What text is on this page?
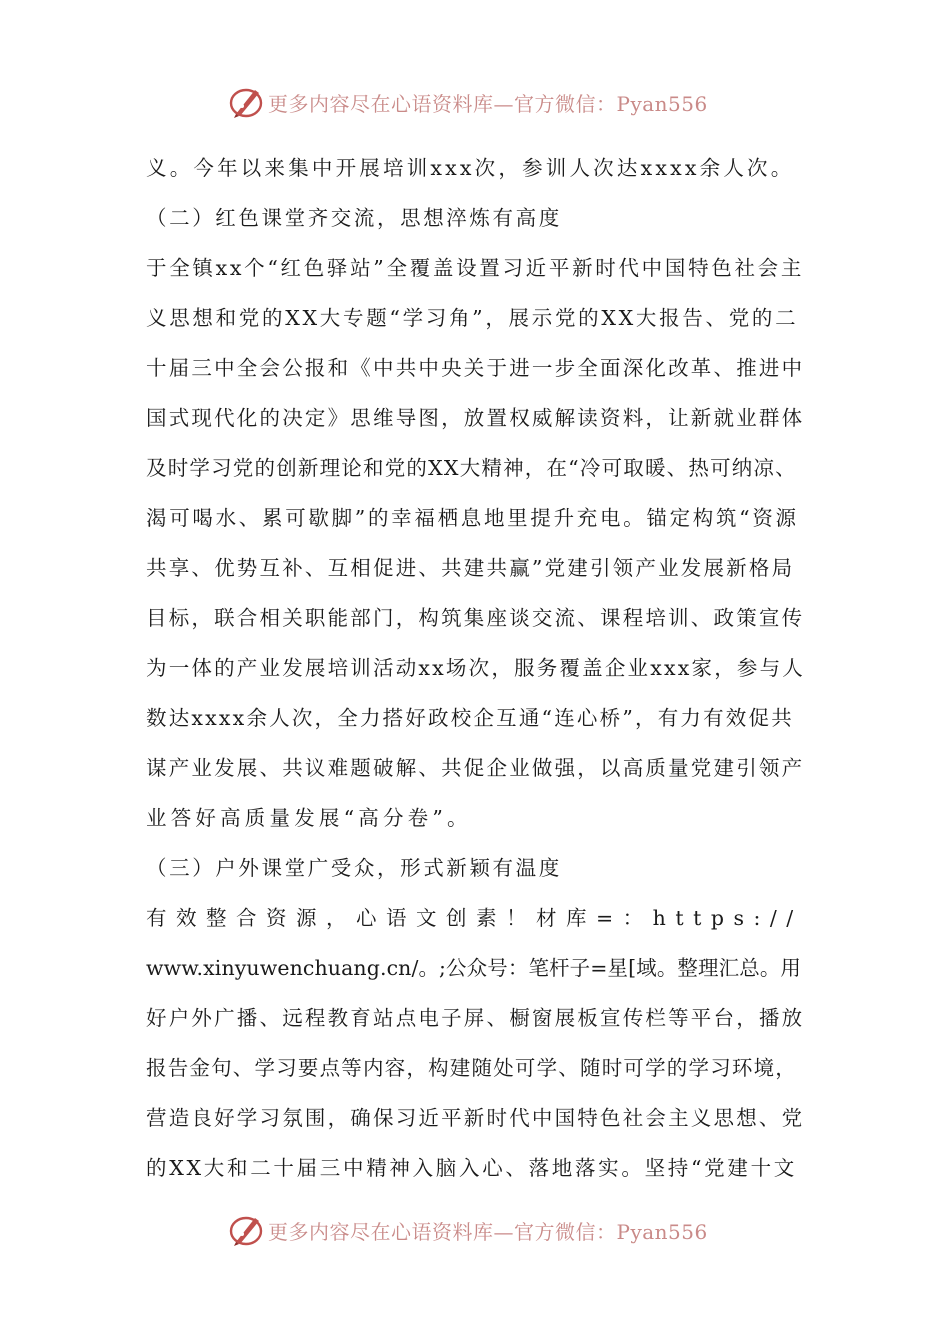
更多内容尽在心语资料库—官方微信：Pyan556
义。今年以来集中开展培训xxx次，参训人次达xxxx余人次。
（二）红色课堂齐交流，思想淬炼有高度
于全镇xx个“红色驿站”全覆盖设置习近平新时代中国特色社会主
义思想和党的XX大专题“学习角”，展示党的XX大报告、党的二
十届三中全会公报和《中共中央关于进一步全面深化改革、推进中
国式现代化的决定》思维导图，放置权威解读资料，让新就业群体
及时学习党的创新理论和党的XX大精神，在“冷可取暖、热可纳凉、
渴可喝水、累可歇脚”的幸福栖息地里提升充电。锚定构筑“资源
共享、优势互补、互相促进、共建共赢”党建引领产业发展新格局
目标，联合相关职能部门，构筑集座谈交流、课程培训、政策宣传
为一体的产业发展培训活动xx场次，服务覆盖企业xxx家，参与人
数达xxxx余人次，全力搭好政校企互通“连心桥”，有力有效促共
谋产业发展、共议难题破解、共促企业做强，以高质量党建引领产
业答好高质量发展“高分卷”。
（三）户外课堂广受众，形式新颖有温度
有效整合资源，心语文创素！材库=：https://
www.xinyuwenchuang.cn/。;公众号：笔杆子=星[域。整理汇总。用
好户外广播、远程教育站点电子屏、橱窗展板宣传栏等平台，播放
报告金句、学习要点等内容，构建随处可学、随时可学的学习环境，
营造良好学习氛围，确保习近平新时代中国特色社会主义思想、党
的XX大和二十届三中精神入脑入心、落地落实。坚持“党建十文
更多内容尽在心语资料库—官方微信：Pyan556
